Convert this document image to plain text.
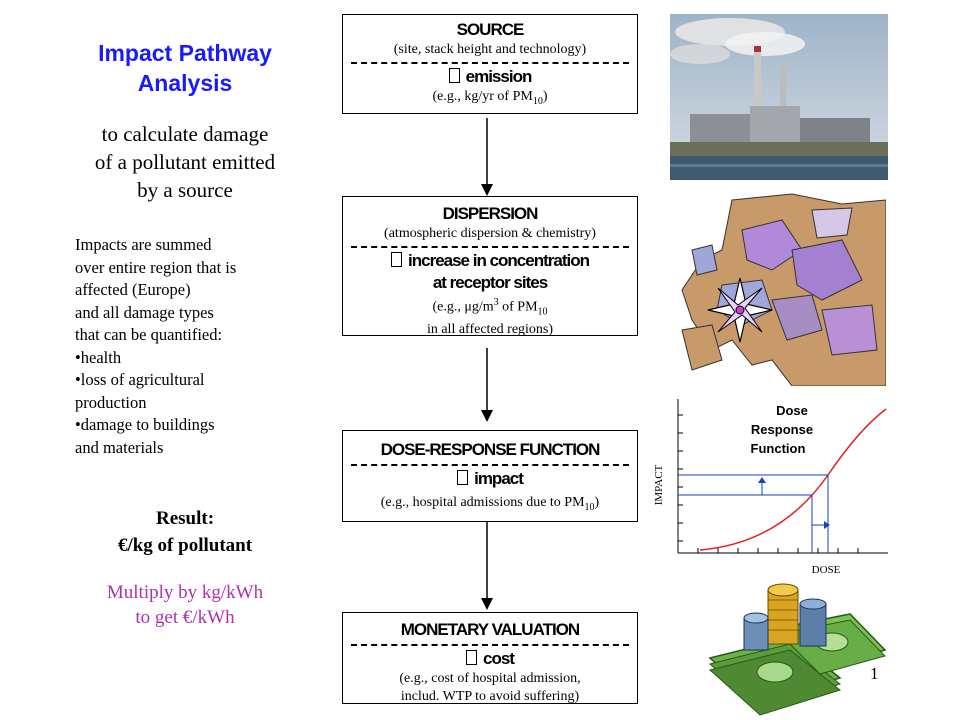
Impact Pathway
Analysis
to calculate damage
of a pollutant emitted
by a source
Impacts are summed
over entire region that is
affected (Europe)
and all damage types
that can be quantified:
•health
•loss of agricultural
production
•damage to buildings
and materials
Result:
€/kg of pollutant
Multiply by kg/kWh
to get €/kWh
SOURCE
(site, stack height and technology)
emission
(e.g., kg/yr of $PM_{10}$)
DISPERSION
(atmospheric dispersion & chemistry)
increase in concentration
at receptor sites
(e.g., $\mu g/m^3$ of $PM_{10}$
in all affected regions)
DOSE-RESPONSE FUNCTION
impact
(e.g., hospital admissions due to $PM_{10}$)
MONETARY VALUATION
cost
(e.g., cost of hospital admission,
includ. WTP to avoid suffering)
Dose
Response
Function
IMPACT
DOSE
1
